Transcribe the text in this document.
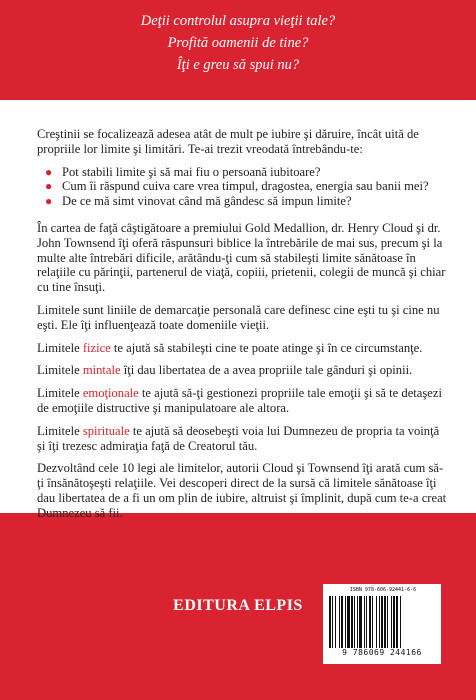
Deţii controlul asupra vieţii tale?
Profită oamenii de tine?
Îţi e greu să spui nu?

Creştinii se focalizează adesea atât de mult pe iubire şi dăruire, încât uită de propriile lor limite şi limitări. Te-ai trezit vreodată întrebându-te:

● Pot stabili limite şi să mai fiu o persoană iubitoare?
● Cum îi răspund cuiva care vrea timpul, dragostea, energia sau banii mei?
● De ce mă simt vinovat când mă gândesc să impun limite?

În cartea de faţă câştigătoare a premiului Gold Medallion, dr. Henry Cloud şi dr. John Townsend îţi oferă răspunsuri biblice la întrebările de mai sus, precum şi la multe alte întrebări dificile, arătându-ţi cum să stabileşti limite sănătoase în relaţiile cu părinţii, partenerul de viaţă, copiii, prietenii, colegii de muncă şi chiar cu tine însuţi.

Limitele sunt liniile de demarcaţie personală care definesc cine eşti tu şi cine nu eşti. Ele îţi influenţează toate domeniile vieţii.

Limitele fizice te ajută să stabileşti cine te poate atinge şi în ce circumstanţe.

Limitele mintale îţi dau libertatea de a avea propriile tale gânduri şi opinii.

Limitele emoţionale te ajută să-ţi gestionezi propriile tale emoţii şi să te detaşezi de emoţiile distructive şi manipulatoare ale altora.

Limitele spirituale te ajută să deosebeşti voia lui Dumnezeu de propria ta voinţă şi îţi trezesc admiraţia faţă de Creatorul tău.

Dezvoltând cele 10 legi ale limitelor, autorii Cloud şi Townsend îţi arată cum să-ţi însănătoşeşti relaţiile. Vei descoperi direct de la sursă că limitele sănătoase îţi dau libertatea de a fi un om plin de iubire, altruist şi împlinit, după cum te-a creat Dumnezeu să fii.

EDITURA ELPIS
ISBN 978-606-92441-6-6
9 786069 244166
